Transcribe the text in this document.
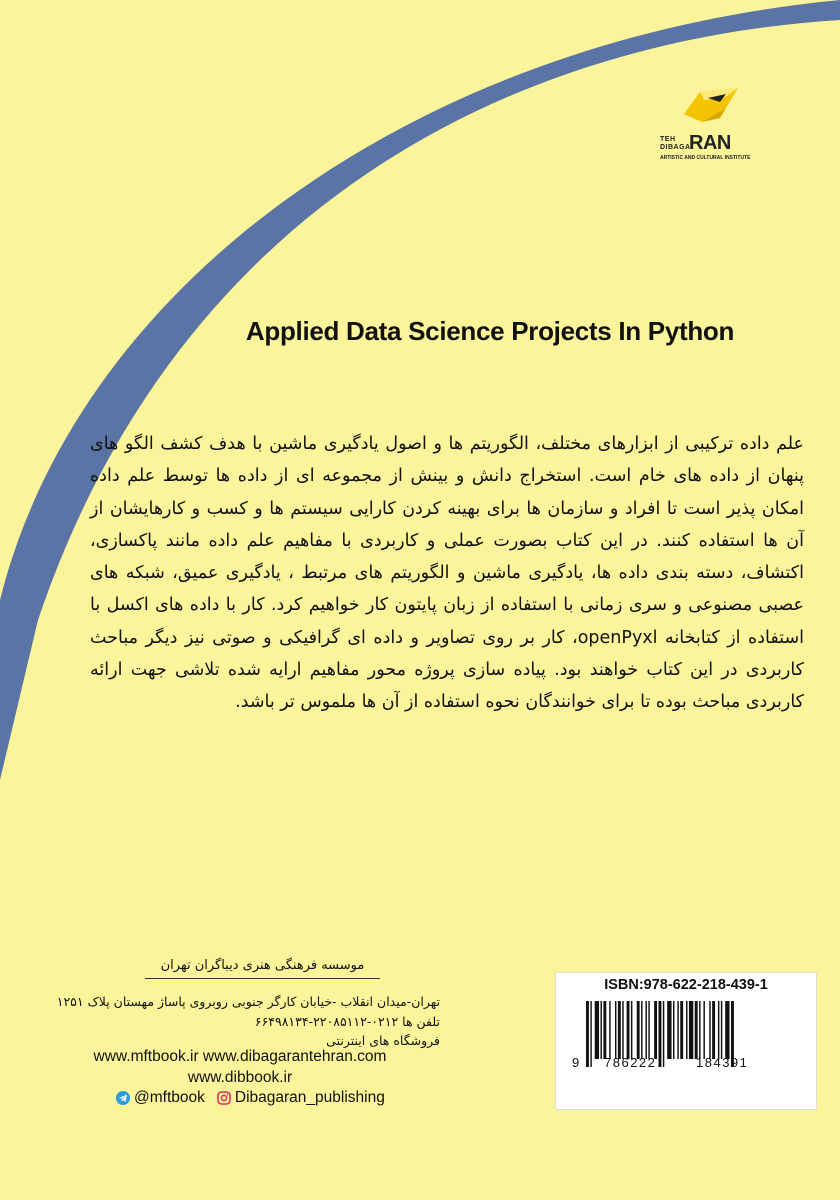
TEH
DIBAGA
RAN
ARTISTIC AND CULTURAL INSTITUTE
Applied Data Science Projects In Python
علم داده ترکیبی از ابزارهای مختلف، الگوریتم ها و اصول یادگیری ماشین با هدف کشف الگو های پنهان از داده های خام است. استخراج دانش و بینش از مجموعه ای از داده ها توسط علم داده امکان پذیر است تا افراد و سازمان ها برای بهینه کردن کارایی سیستم ها و کسب و کارهایشان از آن ها استفاده کنند. در این کتاب بصورت عملی و کاربردی با مفاهیم علم داده مانند پاکسازی، اکتشاف، دسته بندی داده ها، یادگیری ماشین و الگوریتم های مرتبط ، یادگیری عمیق، شبکه های عصبی مصنوعی و سری زمانی با استفاده از زبان پایتون کار خواهیم کرد. کار با داده های اکسل با استفاده از کتابخانه openPyxl، کار بر روی تصاویر و داده ای گرافیکی و صوتی نیز دیگر مباحث کاربردی در این کتاب خواهند بود. پیاده سازی پروژه محور مفاهیم ارایه شده تلاشی جهت ارائه کاربردی مباحث بوده تا برای خوانندگان نحوه استفاده از آن ها ملموس تر باشد.
موسسه فرهنگی هنری دیباگران تهران
تهران-میدان انقلاب -خیابان کارگر جنوبی روبروی پاساژ مهستان پلاک ۱۲۵۱
تلفن ها ۰۲۱۲-۲۲۰۸۵۱۱۲-۶۶۴۹۸۱۳۴
فروشگاه های اینترنتی
www.mftbook.ir www.dibagarantehran.com
www.dibbook.ir
@mftbook Dibagaran_publishing
ISBN:978-622-218-439-1
9 786222	184391
